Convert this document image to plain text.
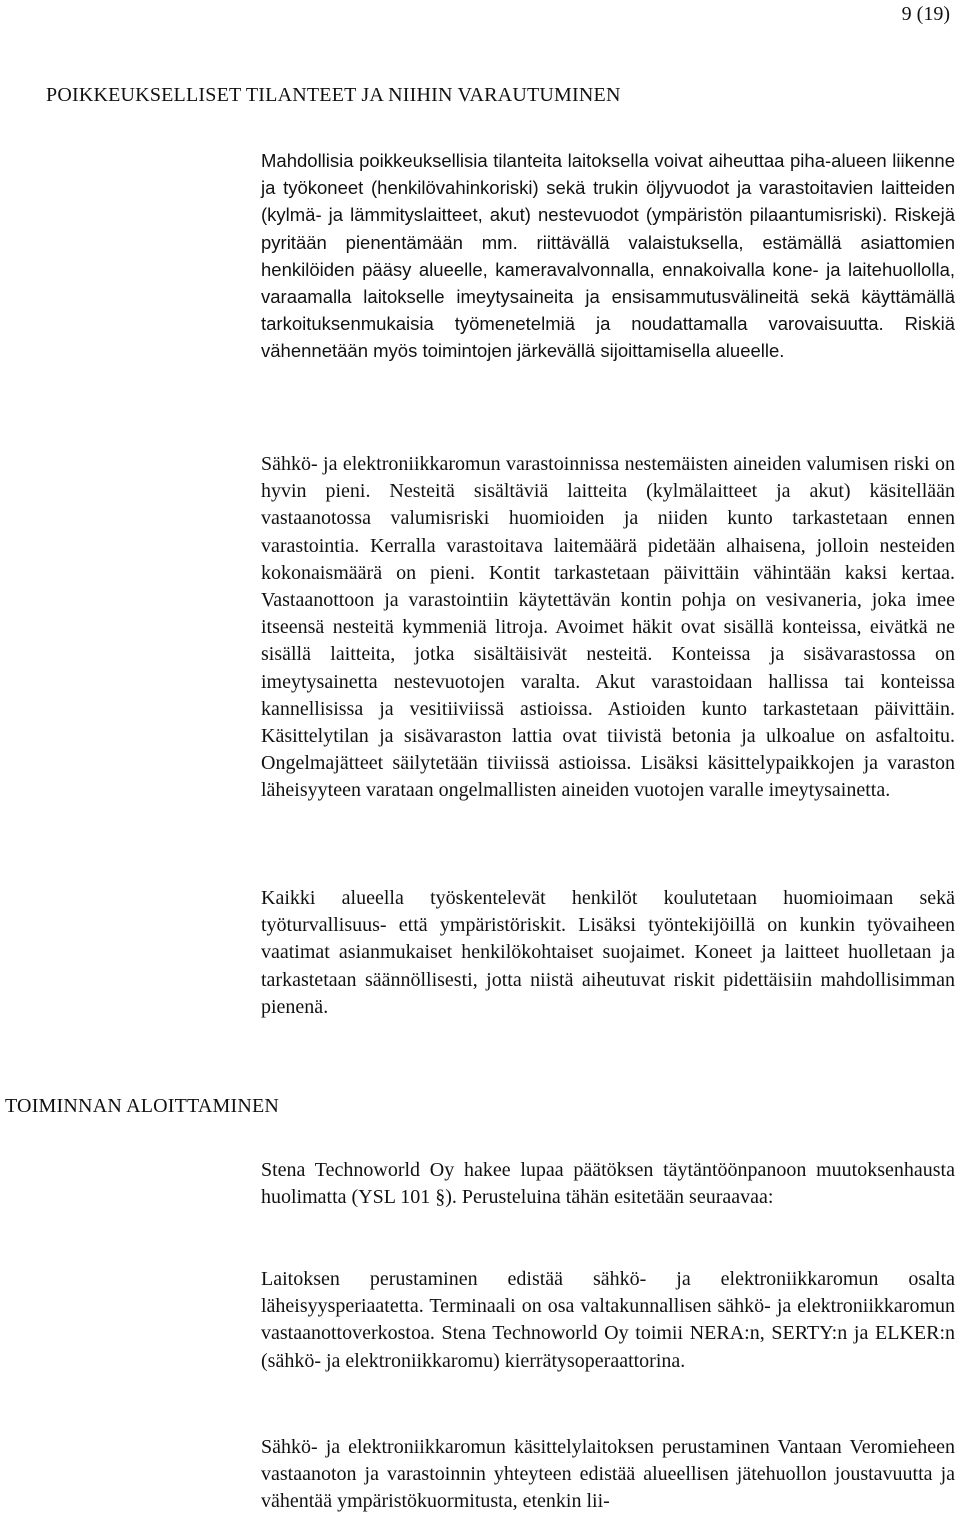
9 (19)
POIKKEUKSELLISET TILANTEET JA NIIHIN VARAUTUMINEN

Mahdollisia poikkeuksellisia tilanteita laitoksella voivat aiheuttaa piha-alueen liikenne ja työkoneet (henkilövahinkoriski) sekä trukin öljyvuodot ja varastoitavien laitteiden (kylmä- ja lämmityslaitteet, akut) nestevuodot (ympäristön pilaantumisriski). Riskejä pyritään pienentämään mm. riittävällä valaistuksella, estämällä asiattomien henkilöiden pääsy alueelle, kameravalvonnalla, ennakoivalla kone- ja laitehuollolla, varaamalla laitokselle imeytysaineita ja ensisammutusvälineitä sekä käyttämällä tarkoituksenmukaisia työmenetelmiä ja noudattamalla varovaisuutta. Riskiä vähennetään myös toimintojen järkevällä sijoittamisella alueelle.

Sähkö- ja elektroniikkaromun varastoinnissa nestemäisten aineiden valumisen riski on hyvin pieni. Nesteitä sisältäviä laitteita (kylmälaitteet ja akut) käsitellään vastaanotossa valumisriski huomioiden ja niiden kunto tarkastetaan ennen varastointia. Kerralla varastoitava laitemäärä pidetään alhaisena, jolloin nesteiden kokonaismäärä on pieni. Kontit tarkastetaan päivittäin vähintään kaksi kertaa. Vastaanottoon ja varastointiin käytettävän kontin pohja on vesivaneria, joka imee itseensä nesteitä kymmeniä litroja. Avoimet häkit ovat sisällä konteissa, eivätkä ne sisällä laitteita, jotka sisältäisivät nesteitä. Konteissa ja sisävarastossa on imeytysainetta nestevuotojen varalta. Akut varastoidaan hallissa tai konteissa kannellisissa ja vesitiiviissä astioissa. Astioiden kunto tarkastetaan päivittäin. Käsittelytilan ja sisävaraston lattia ovat tiivistä betonia ja ulkoalue on asfaltoitu. Ongelmajätteet säilytetään tiiviissä astioissa. Lisäksi käsittelypaikkojen ja varaston läheisyyteen varataan ongelmallisten aineiden vuotojen varalle imeytysainetta.

Kaikki alueella työskentelevät henkilöt koulutetaan huomioimaan sekä työturvallisuus- että ympäristöriskit. Lisäksi työntekijöillä on kunkin työvaiheen vaatimat asianmukaiset henkilökohtaiset suojaimet. Koneet ja laitteet huolletaan ja tarkastetaan säännöllisesti, jotta niistä aiheutuvat riskit pidettäisiin mahdollisimman pienenä.

TOIMINNAN ALOITTAMINEN

Stena Technoworld Oy hakee lupaa päätöksen täytäntöönpanoon muutoksenhausta huolimatta (YSL 101 §). Perusteluina tähän esitetään seuraavaa:

Laitoksen perustaminen edistää sähkö- ja elektroniikkaromun osalta läheisyysperiaatetta. Terminaali on osa valtakunnallisen sähkö- ja elektroniikkaromun vastaanottoverkostoa. Stena Technoworld Oy toimii NERA:n, SERTY:n ja ELKER:n (sähkö- ja elektroniikkaromu) kierrätysoperaattorina.

Sähkö- ja elektroniikkaromun käsittelylaitoksen perustaminen Vantaan Veromieheen vastaanoton ja varastoinnin yhteyteen edistää alueellisen jätehuollon joustavuutta ja vähentää ympäristökuormitusta, etenkin lii-
